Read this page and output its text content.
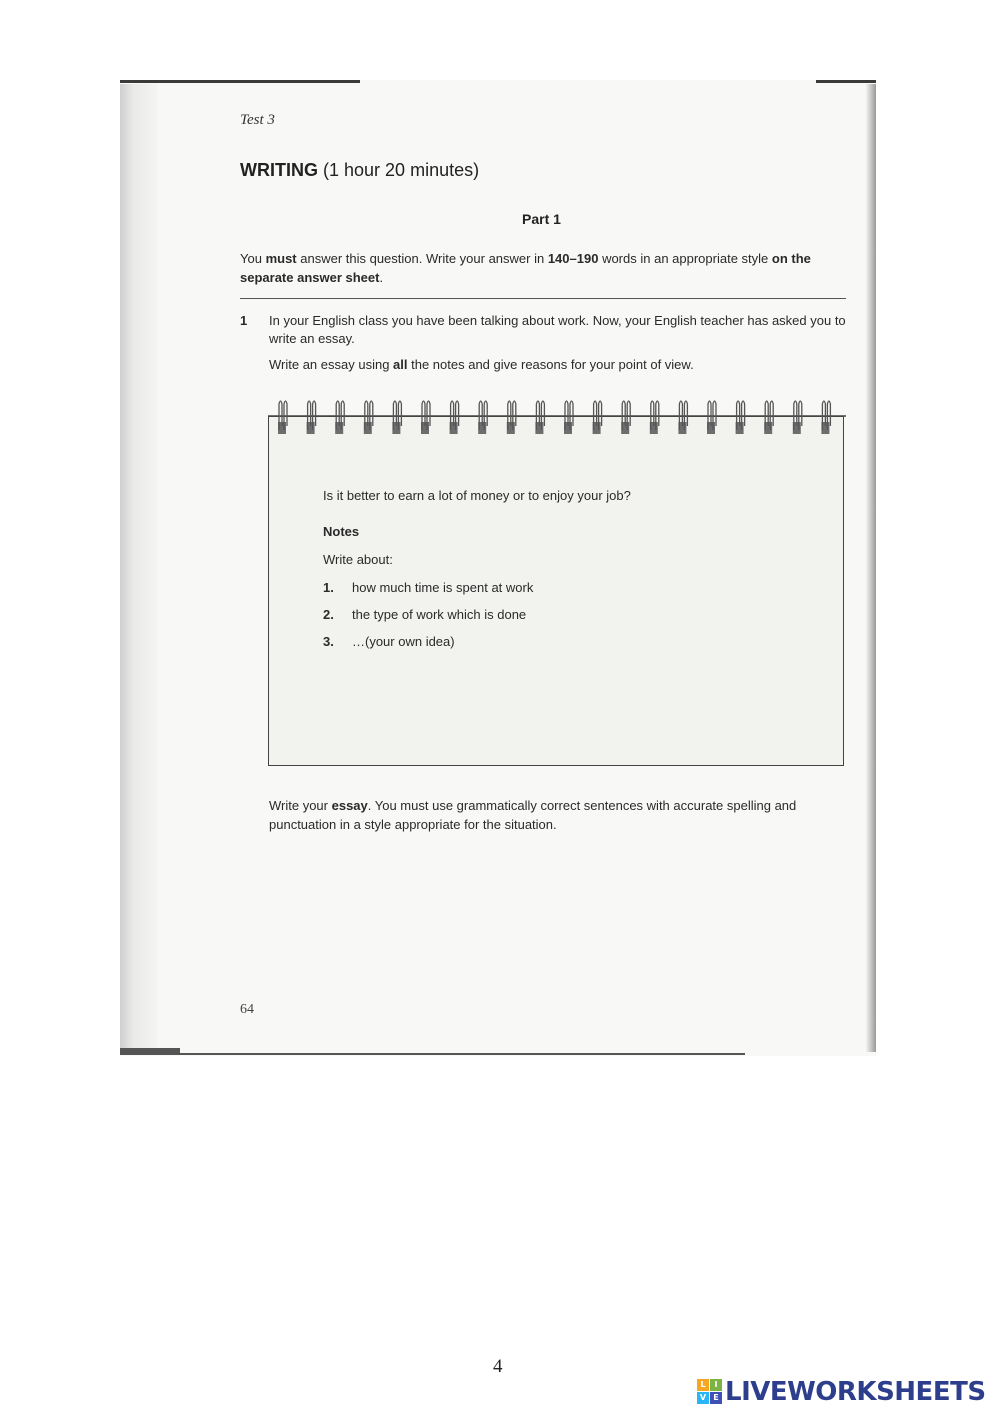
Test 3
WRITING (1 hour 20 minutes)
Part 1
You must answer this question. Write your answer in 140–190 words in an appropriate style on the separate answer sheet.
1 In your English class you have been talking about work. Now, your English teacher has asked you to write an essay.
Write an essay using all the notes and give reasons for your point of view.
Is it better to earn a lot of money or to enjoy your job?
Notes
Write about:
1. how much time is spent at work
2. the type of work which is done
3. …(your own idea)
Write your essay. You must use grammatically correct sentences with accurate spelling and punctuation in a style appropriate for the situation.
64
4
L	I
V E LIVEWORKSHEETS
